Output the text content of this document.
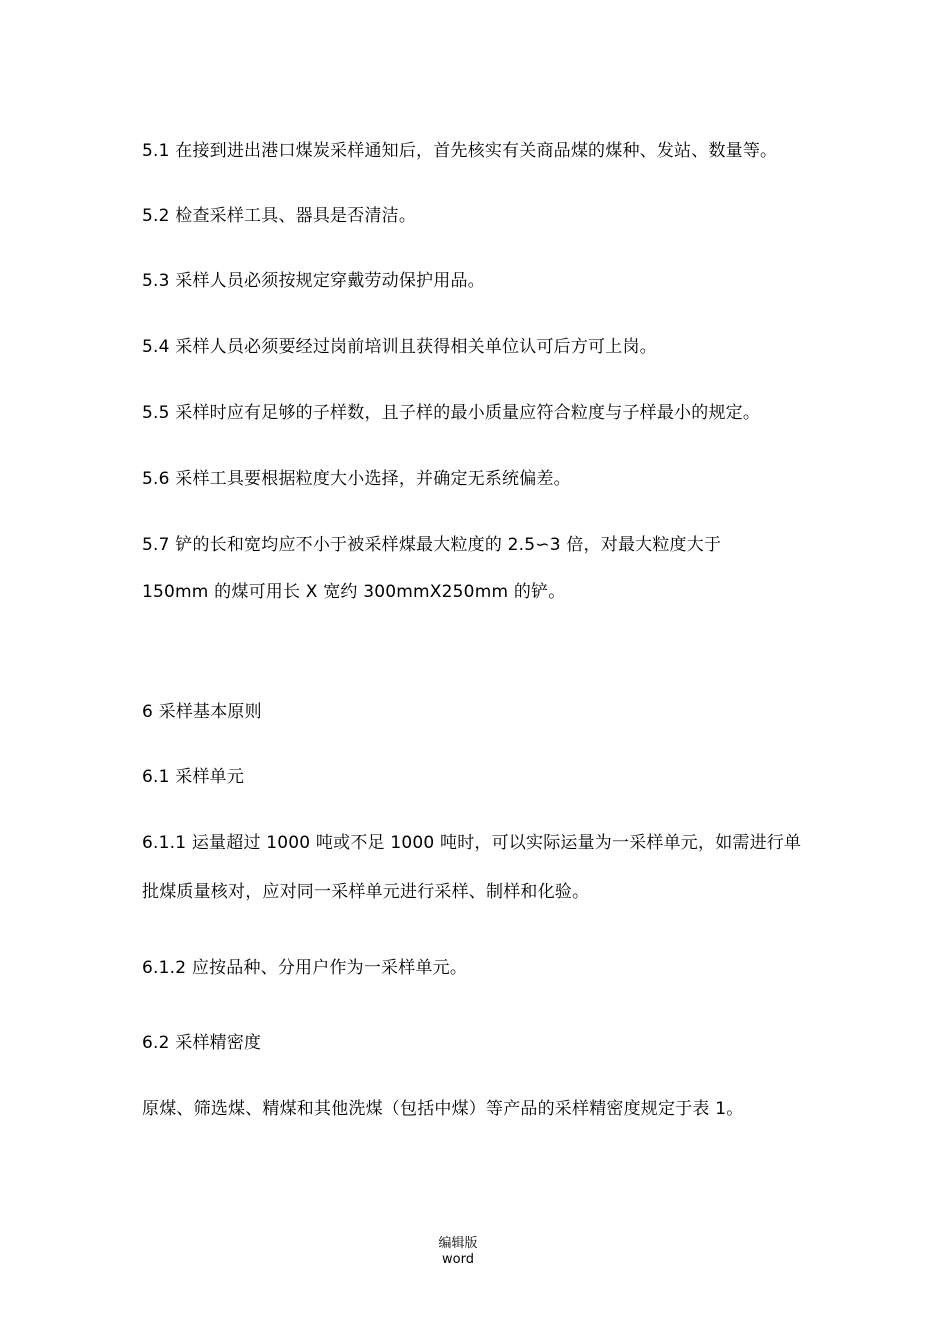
5.1 在接到进出港口煤炭采样通知后，首先核实有关商品煤的煤种、发站、数量等。
5.2 检查采样工具、器具是否清洁。
5.3 采样人员必须按规定穿戴劳动保护用品。
5.4 采样人员必须要经过岗前培训且获得相关单位认可后方可上岗。
5.5 采样时应有足够的子样数，且子样的最小质量应符合粒度与子样最小的规定。
5.6 采样工具要根据粒度大小选择，并确定无系统偏差。
5.7 铲的长和宽均应不小于被采样煤最大粒度的 2.5∽3 倍，对最大粒度大于
150mm 的煤可用长 X 宽约 300mmX250mm 的铲。
6 采样基本原则
6.1 采样单元
6.1.1 运量超过 1000 吨或不足 1000 吨时，可以实际运量为一采样单元，如需进行单
批煤质量核对，应对同一采样单元进行采样、制样和化验。
6.1.2 应按品种、分用户作为一采样单元。
6.2 采样精密度
原煤、筛选煤、精煤和其他洗煤（包括中煤）等产品的采样精密度规定于表 1。
编辑版
word
